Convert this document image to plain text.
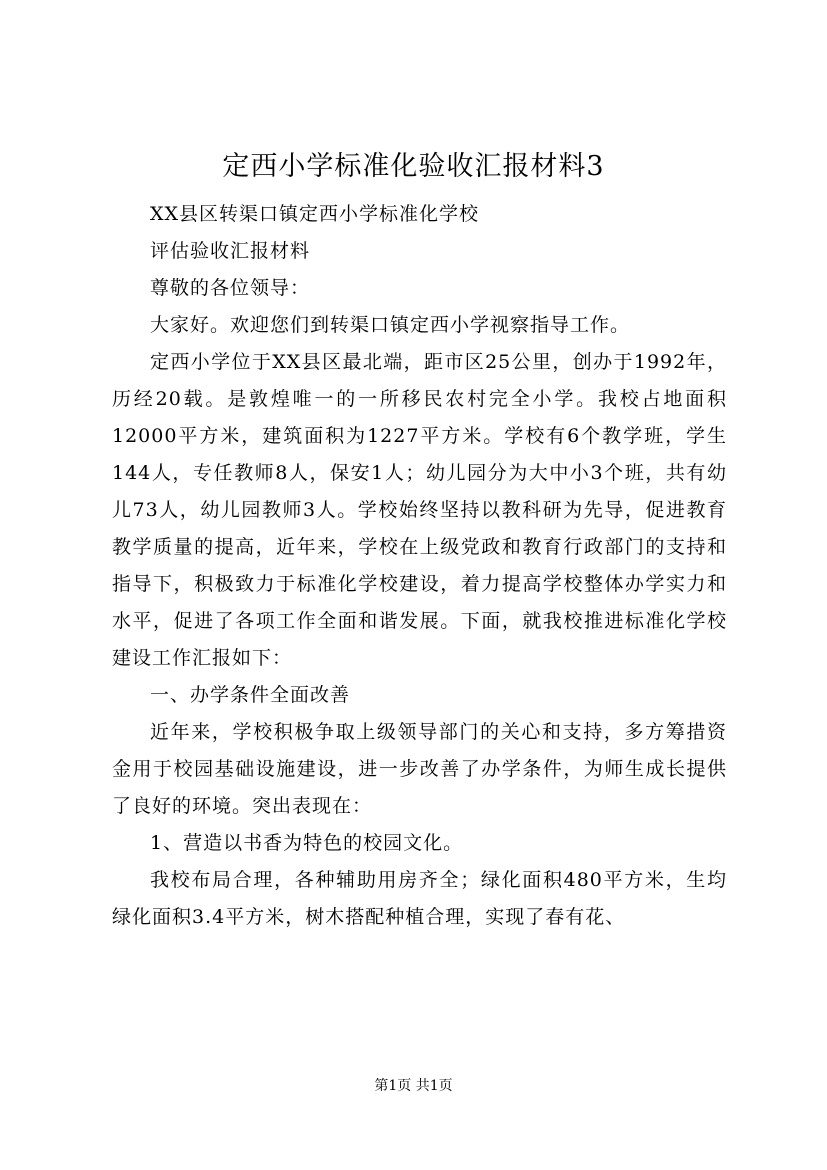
定西小学标准化验收汇报材料3

XX县区转渠口镇定西小学标准化学校

评估验收汇报材料

尊敬的各位领导：

大家好。欢迎您们到转渠口镇定西小学视察指导工作。

定西小学位于XX县区最北端，距市区25公里，创办于1992年，历经20载。是敦煌唯一的一所移民农村完全小学。我校占地面积12000平方米，建筑面积为1227平方米。学校有6个教学班，学生144人，专任教师8人，保安1人；幼儿园分为大中小3个班，共有幼儿73人，幼儿园教师3人。学校始终坚持以教科研为先导，促进教育教学质量的提高，近年来，学校在上级党政和教育行政部门的支持和指导下，积极致力于标准化学校建设，着力提高学校整体办学实力和水平，促进了各项工作全面和谐发展。下面，就我校推进标准化学校建设工作汇报如下：

一、办学条件全面改善

近年来，学校积极争取上级领导部门的关心和支持，多方筹措资金用于校园基础设施建设，进一步改善了办学条件，为师生成长提供了良好的环境。突出表现在：

1、营造以书香为特色的校园文化。

我校布局合理，各种辅助用房齐全；绿化面积480平方米，生均绿化面积3.4平方米，树木搭配种植合理，实现了春有花、

第1页 共1页
